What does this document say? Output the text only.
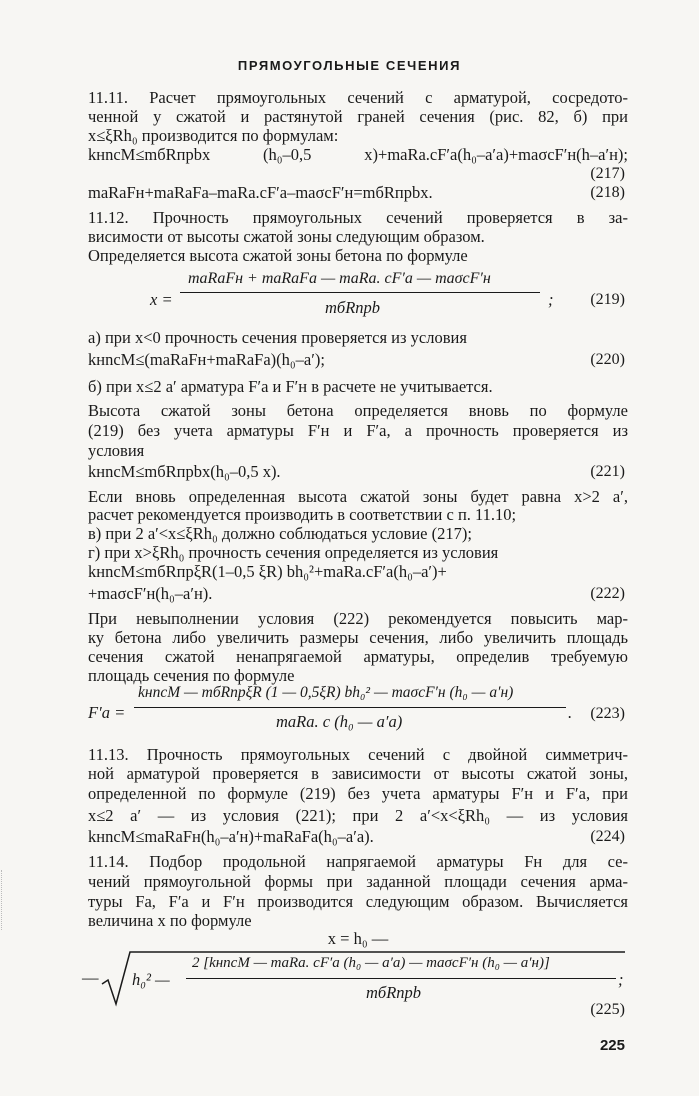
ПРЯМОУГОЛЬНЫЕ СЕЧЕНИЯ
11.11. Расчет прямоугольных сечений с арматурой, сосредото-
ченной у сжатой и растянутой граней сечения (рис. 82, б) при
x≤ξRh₀ производится по формулам:
kнncM≤mбRпрbx (h₀–0,5 x)+maRa.cF′a(h₀–a′a)+maσcF′н(h–a′н);
maRaFн+maRaFa–maRa.cF′a–maσcF′н=mбRпрbx.
11.12. Прочность прямоугольных сечений проверяется в за-
висимости от высоты сжатой зоны следующим образом.
Определяется высота сжатой зоны бетона по формуле
а) при x<0 прочность сечения проверяется из условия
kнncM≤(maRaFн+maRaFa)(h₀–a′);
б) при x≤2 a′ арматура F′a и F′н в расчете не учитывается.
Высота сжатой зоны бетона определяется вновь по формуле
(219) без учета арматуры F′н и F′a, а прочность проверяется из
условия
kнncM≤mбRпрbx(h₀–0,5 x).
Если вновь определенная высота сжатой зоны будет равна x>2 a′,
расчет рекомендуется производить в соответствии с п. 11.10;
в) при 2 a′<x≤ξRh₀ должно соблюдаться условие (217);
г) при x>ξRh₀ прочность сечения определяется из условия
kнncM≤mбRпрξR(1–0,5 ξR) bh₀²+maRa.cF′a(h₀–a′)+
+maσcF′н(h₀–a′н).
При невыполнении условия (222) рекомендуется повысить мар-
ку бетона либо увеличить размеры сечения, либо увеличить площадь
сечения сжатой ненапрягаемой арматуры, определив требуемую
площадь сечения по формуле
11.13. Прочность прямоугольных сечений с двойной симметрич-
ной арматурой проверяется в зависимости от высоты сжатой зоны,
определенной по формуле (219) без учета арматуры F′н и F′a, при
x≤2 a′ — из условия (221); при 2 a′<x<ξRh₀ — из условия
kнncM≤maRaFн(h₀–a′н)+maRaFa(h₀–a′a).
11.14. Подбор продольной напрягаемой арматуры Fн для се-
чений прямоугольной формы при заданной площади сечения арма-
туры Fa, F′a и F′н производится следующим образом. Вычисляется
величина x по формуле
x = h₀ —
(217)
(218)
(219)
(220)
(221)
(222)
(223)
(224)
(225)
x =
maRaFн + maRaFa — maRa. cF′a — maσcF′н
mбRпрb	;
F′a =
kнncM — mбRпрξR (1 — 0,5ξR) bh₀² — maσcF′н (h₀ — a′н)
maRa. c (h₀ — a′a)	.
— h₀² —
2 [kнncM — maRa. cF′a (h₀ — a′a) — maσcF′н (h₀ — a′н)]
mбRпрb
;
225
